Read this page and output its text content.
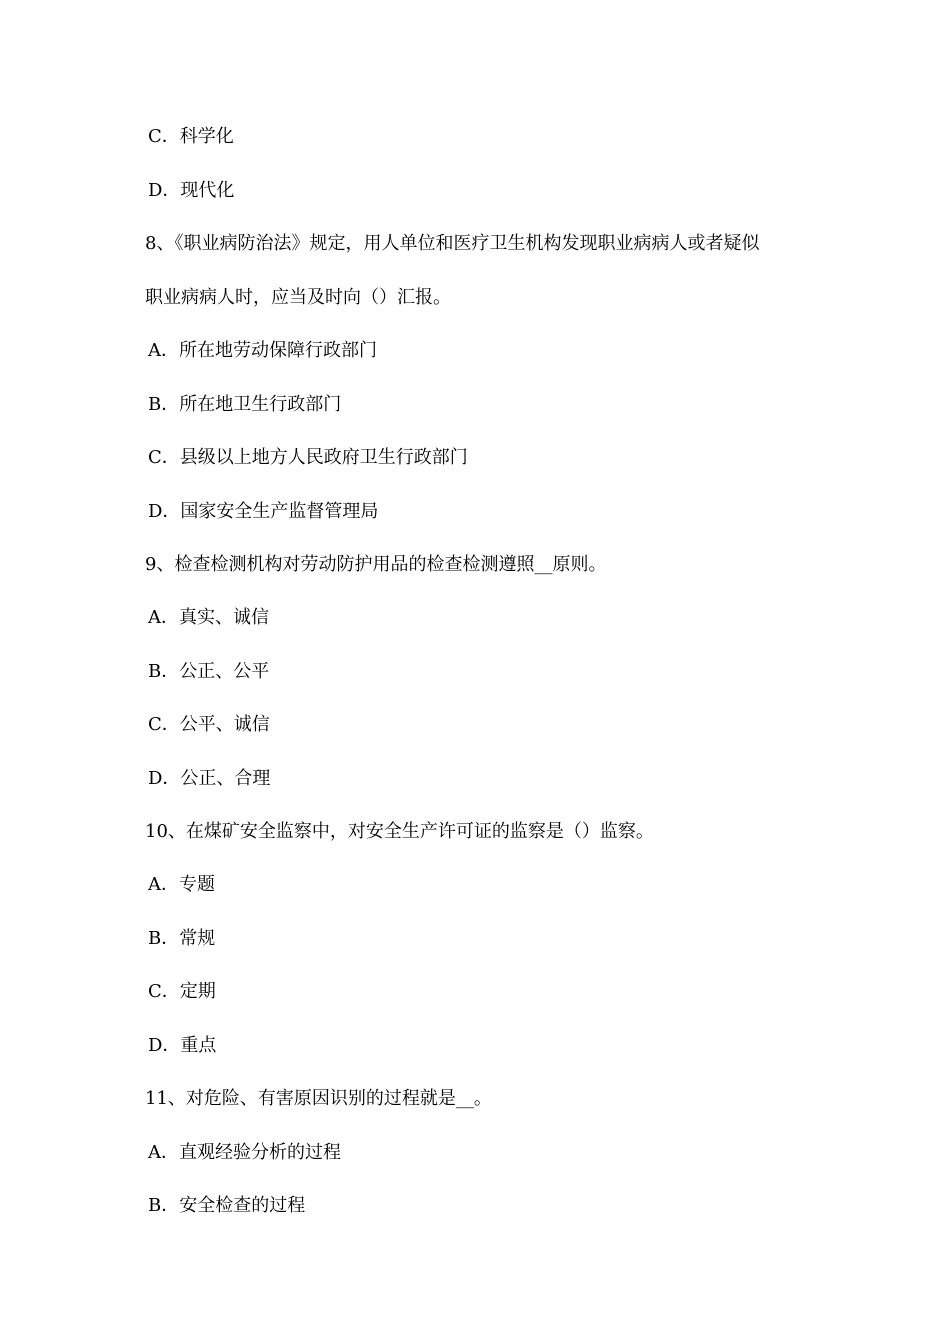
C．科学化
D．现代化
8、《职业病防治法》规定，用人单位和医疗卫生机构发现职业病病人或者疑似
职业病病人时，应当及时向（）汇报。
A．所在地劳动保障行政部门
B．所在地卫生行政部门
C．县级以上地方人民政府卫生行政部门
D．国家安全生产监督管理局
9、检查检测机构对劳动防护用品的检查检测遵照__原则。
A．真实、诚信
B．公正、公平
C．公平、诚信
D．公正、合理
10、在煤矿安全监察中，对安全生产许可证的监察是（）监察。
A．专题
B．常规
C．定期
D．重点
11、对危险、有害原因识别的过程就是__。
A．直观经验分析的过程
B．安全检查的过程
